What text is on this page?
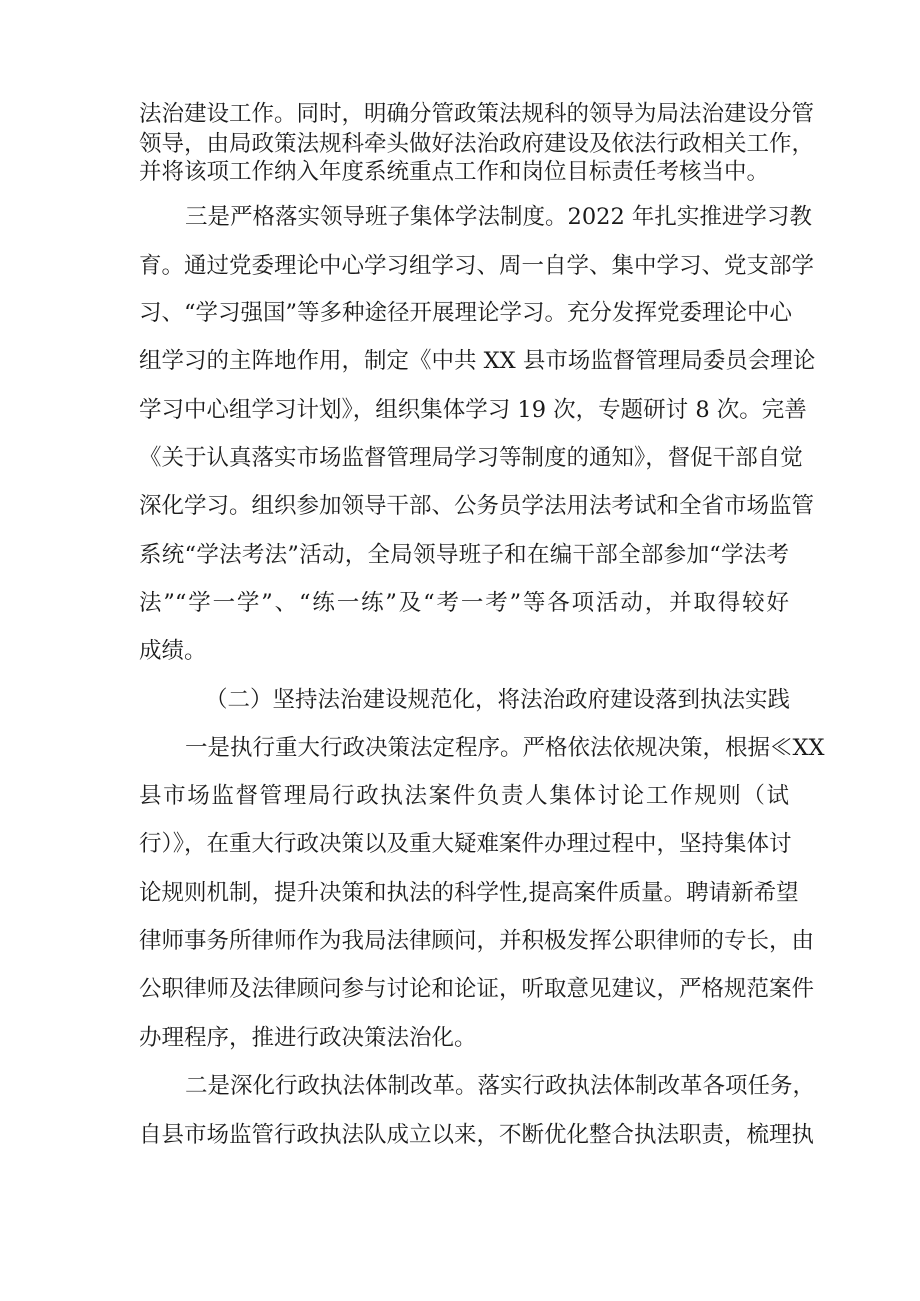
法治建设工作。同时，明确分管政策法规科的领导为局法治建设分管
领导，由局政策法规科牵头做好法治政府建设及依法行政相关工作，
并将该项工作纳入年度系统重点工作和岗位目标责任考核当中。
三是严格落实领导班子集体学法制度。2022 年扎实推进学习教
育。通过党委理论中心学习组学习、周一自学、集中学习、党支部学
习、“学习强国”等多种途径开展理论学习。充分发挥党委理论中心
组学习的主阵地作用，制定《中共 XX 县市场监督管理局委员会理论
学习中心组学习计划》，组织集体学习 19 次，专题研讨 8 次。完善
《关于认真落实市场监督管理局学习等制度的通知》，督促干部自觉
深化学习。组织参加领导干部、公务员学法用法考试和全省市场监管
系统“学法考法”活动，全局领导班子和在编干部全部参加“学法考
法”“学一学”、“练一练”及“考一考”等各项活动，并取得较好
成绩。
（二）坚持法治建设规范化，将法治政府建设落到执法实践
一是执行重大行政决策法定程序。严格依法依规决策，根据≪XX
县市场监督管理局行政执法案件负责人集体讨论工作规则（试
行）》，在重大行政决策以及重大疑难案件办理过程中，坚持集体讨
论规则机制，提升决策和执法的科学性,提高案件质量。聘请新希望
律师事务所律师作为我局法律顾问，并积极发挥公职律师的专长，由
公职律师及法律顾问参与讨论和论证，听取意见建议，严格规范案件
办理程序，推进行政决策法治化。
二是深化行政执法体制改革。落实行政执法体制改革各项任务，
自县市场监管行政执法队成立以来，不断优化整合执法职责，梳理执
